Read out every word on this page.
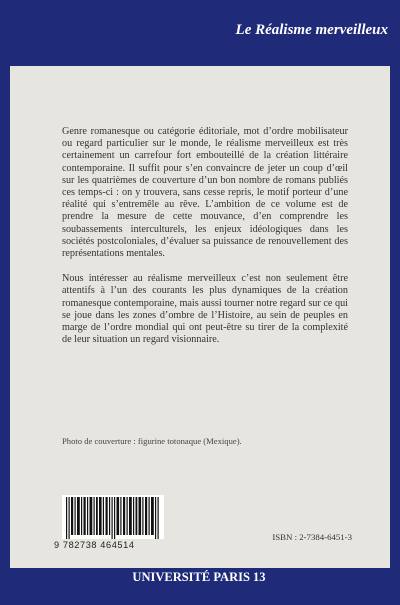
Le Réalisme merveilleux

Genre romanesque ou catégorie éditoriale, mot d’ordre mobilisateur ou regard particulier sur le monde, le réalisme merveilleux est très certainement un carrefour fort embouteillé de la création littéraire contemporaine. Il suffit pour s’en convaincre de jeter un coup d’œil sur les quatrièmes de couverture d’un bon nombre de romans publiés ces temps-ci : on y trouvera, sans cesse repris, le motif porteur d’une réalité qui s’entremêle au rêve. L’ambition de ce volume est de prendre la mesure de cette mouvance, d’en comprendre les soubassements interculturels, les enjeux idéologiques dans les sociétés postcoloniales, d’évaluer sa puissance de renouvellement des représentations mentales.

Nous intéresser au réalisme merveilleux c’est non seulement être attentifs à l’un des courants les plus dynamiques de la création romanesque contemporaine, mais aussi tourner notre regard sur ce qui se joue dans les zones d’ombre de l’Histoire, au sein de peuples en marge de l’ordre mondial qui ont peut-être su tirer de la complexité de leur situation un regard visionnaire.

Photo de couverture : figurine totonaque (Mexique).
9 782738 464514
ISBN : 2-7384-6451-3
UNIVERSITÉ PARIS 13
